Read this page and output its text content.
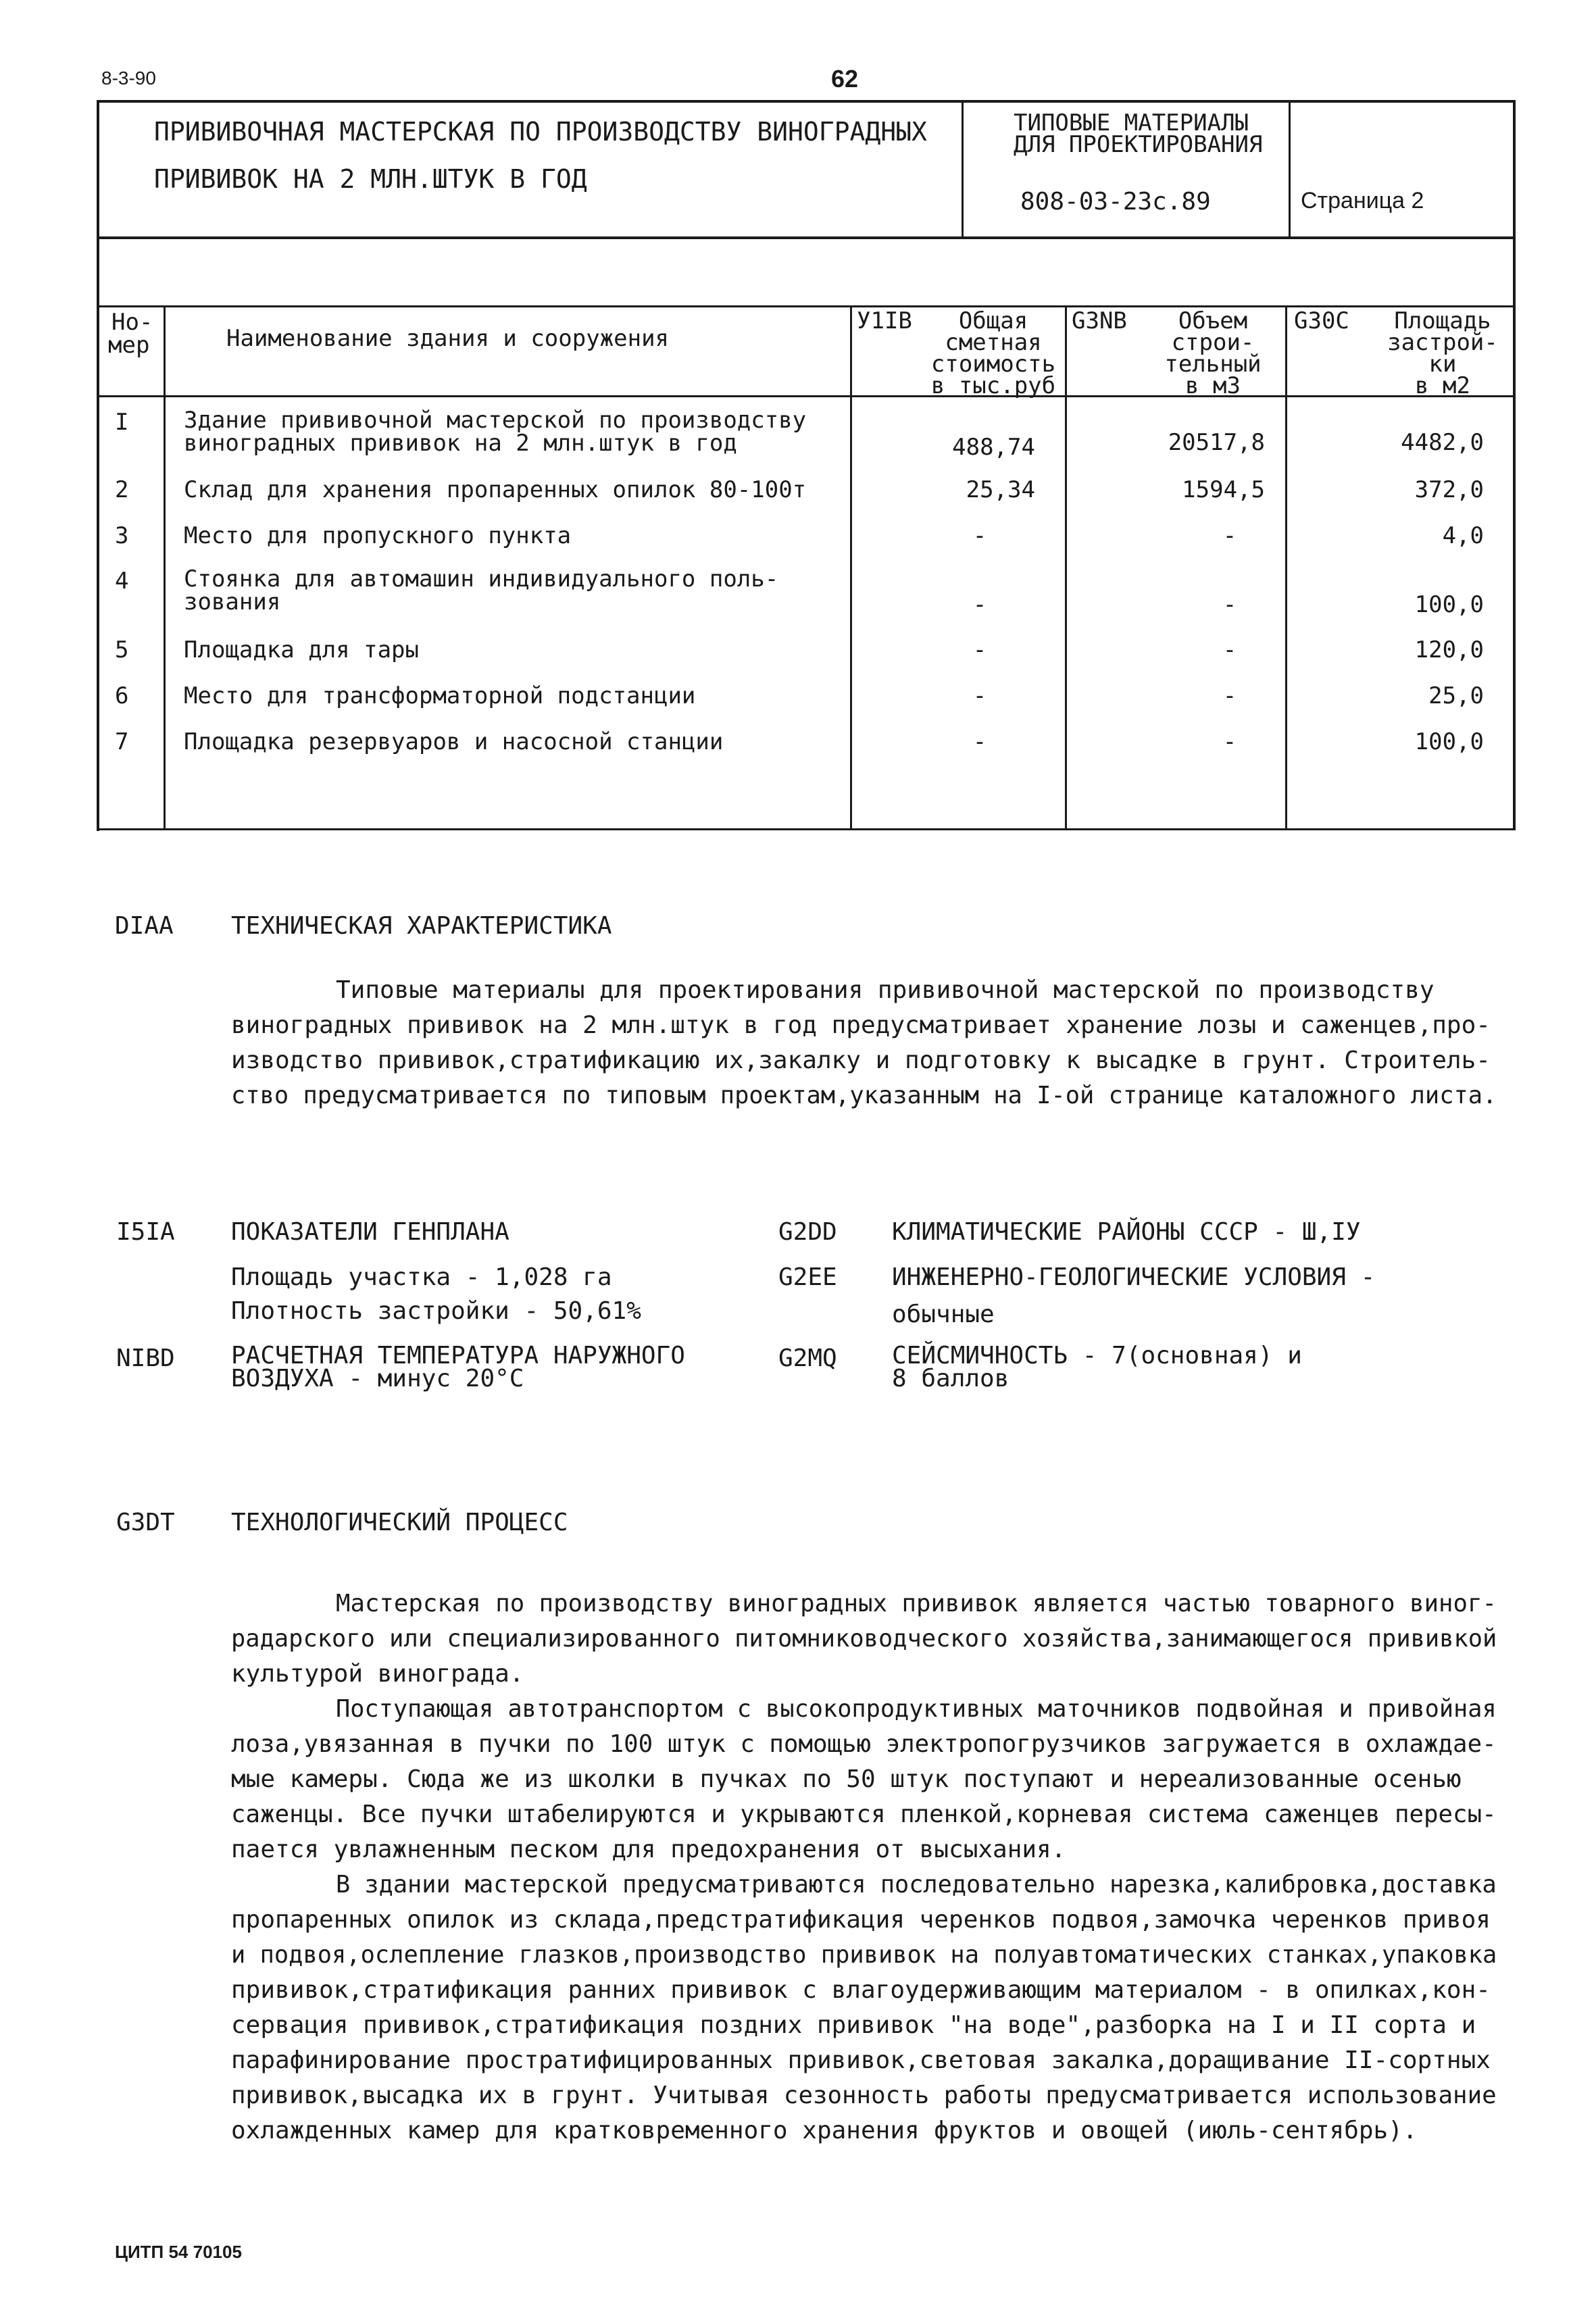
8-3-90	62
ПРИВИВОЧНАЯ МАСТЕРСКАЯ ПО ПРОИЗВОДСТВУ ВИНОГРАДНЫХ
ПРИВИВОК НА 2 МЛН.ШТУК В ГОД
ТИПОВЫЕ МАТЕРИАЛЫ
ДЛЯ ПРОЕКТИРОВАНИЯ
808-03-23с.89	Страница 2
Но-
мер	Наименование здания и сооружения
У1IВ	Общая
сметная
стоимость
в тыс.руб
G3NВ	Объем
строи-
тельный
в м3
G30С	Площадь
застрой-
ки
в м2
I Здание прививочной мастерской по производству
виноградных прививок на 2 млн.штук в год	488,74	20517,8	4482,0
2 Склад для хранения пропаренных опилок 80-100т	25,34	1594,5	372,0
3 Место для пропускного пункта	-	-	4,0
4 Стоянка для автомашин индивидуального поль-
зования	-	-	100,0
5 Площадка для тары	-	-	120,0
6 Место для трансформаторной подстанции	-	-	25,0
7 Площадка резервуаров и насосной станции	-	-	100,0
DIAA ТЕХНИЧЕСКАЯ ХАРАКТЕРИСТИКА
Типовые материалы для проектирования прививочной мастерской по производству
виноградных прививок на 2 млн.штук в год предусматривает хранение лозы и саженцев,про-
изводство прививок,стратификацию их,закалку и подготовку к высадке в грунт. Строитель-
ство предусматривается по типовым проектам,указанным на I-ой странице каталожного листа.
I5IA ПОКАЗАТЕЛИ ГЕНПЛАНА
Площадь участка - 1,028 га
Плотность застройки - 50,61%
NIBD РАСЧЕТНАЯ ТЕМПЕРАТУРА НАРУЖНОГО
ВОЗДУХА - минус 20°С
G2DD КЛИМАТИЧЕСКИЕ РАЙОНЫ СССР - Ш,IУ
G2EE ИНЖЕНЕРНО-ГЕОЛОГИЧЕСКИЕ УСЛОВИЯ -
обычные
G2MQ СЕЙСМИЧНОСТЬ - 7(основная) и
8 баллов
G3DT ТЕХНОЛОГИЧЕСКИЙ ПРОЦЕСС
Мастерская по производству виноградных прививок является частью товарного виног-
радарского или специализированного питомниководческого хозяйства,занимающегося прививкой
культурой винограда.
Поступающая автотранспортом с высокопродуктивных маточников подвойная и привойная
лоза,увязанная в пучки по 100 штук с помощью электропогрузчиков загружается в охлаждае-
мые камеры. Сюда же из школки в пучках по 50 штук поступают и нереализованные осенью
саженцы. Все пучки штабелируются и укрываются пленкой,корневая система саженцев пересы-
пается увлажненным песком для предохранения от высыхания.
В здании мастерской предусматриваются последовательно нарезка,калибровка,доставка
пропаренных опилок из склада,предстратификация черенков подвоя,замочка черенков привоя
и подвоя,ослепление глазков,производство прививок на полуавтоматических станках,упаковка
прививок,стратификация ранних прививок с влагоудерживающим материалом - в опилках,кон-
сервация прививок,стратификация поздних прививок "на воде",разборка на I и II сорта и
парафинирование простратифицированных прививок,световая закалка,доращивание II-сортных
прививок,высадка их в грунт. Учитывая сезонность работы предусматривается использование
охлажденных камер для кратковременного хранения фруктов и овощей (июль-сентябрь).
ЦИТП 54 70105
